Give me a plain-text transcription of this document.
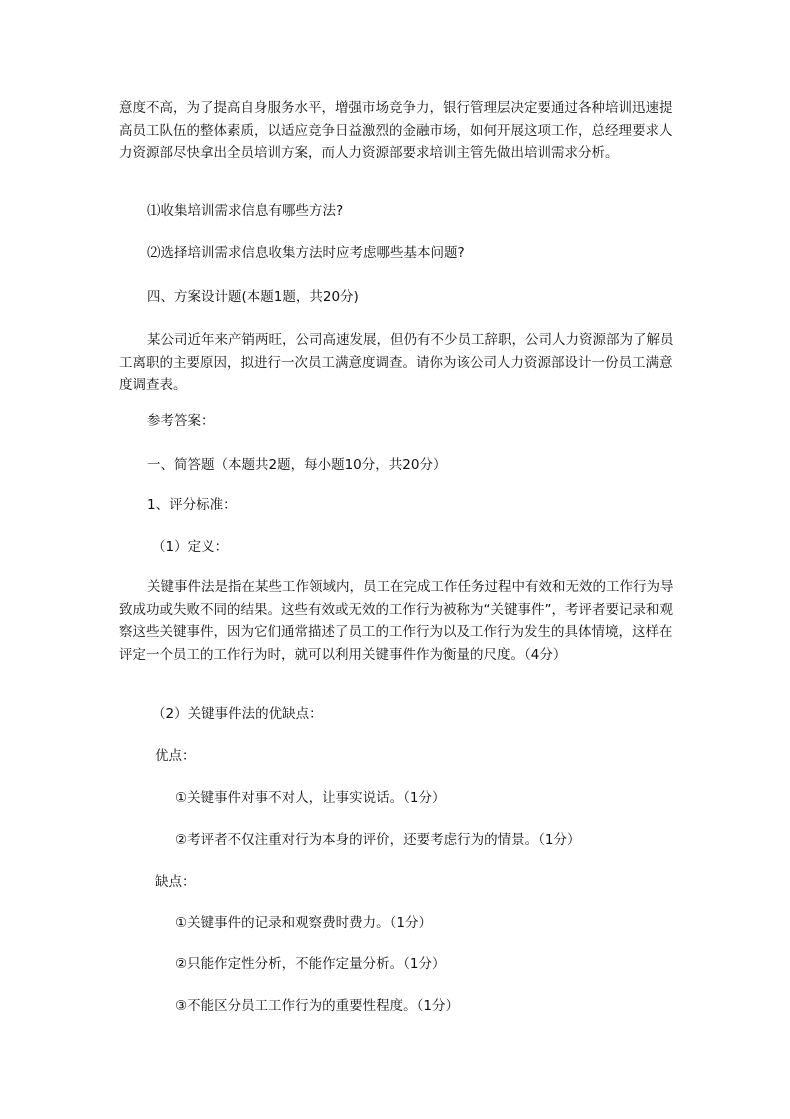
意度不高，为了提高自身服务水平，增强市场竞争力，银行管理层决定要通过各种培训迅速提高员工队伍的整体素质，以适应竞争日益激烈的金融市场，如何开展这项工作，总经理要求人力资源部尽快拿出全员培训方案，而人力资源部要求培训主管先做出培训需求分析。

⑴收集培训需求信息有哪些方法?

⑵选择培训需求信息收集方法时应考虑哪些基本问题?

四、方案设计题(本题1题，共20分)

某公司近年来产销两旺，公司高速发展，但仍有不少员工辞职，公司人力资源部为了解员工离职的主要原因，拟进行一次员工满意度调查。请你为该公司人力资源部设计一份员工满意度调查表。

参考答案：

一、简答题（本题共2题，每小题10分，共20分）

1、评分标准：

（1）定义：

关键事件法是指在某些工作领域内，员工在完成工作任务过程中有效和无效的工作行为导致成功或失败不同的结果。这些有效或无效的工作行为被称为“关键事件”，考评者要记录和观察这些关键事件，因为它们通常描述了员工的工作行为以及工作行为发生的具体情境，这样在评定一个员工的工作行为时，就可以利用关键事件作为衡量的尺度。（4分）

（2）关键事件法的优缺点：

优点：

①关键事件对事不对人，让事实说话。（1分）

②考评者不仅注重对行为本身的评价，还要考虑行为的情景。（1分）

缺点：

①关键事件的记录和观察费时费力。（1分）

②只能作定性分析，不能作定量分析。（1分）

③不能区分员工工作行为的重要性程度。（1分）
